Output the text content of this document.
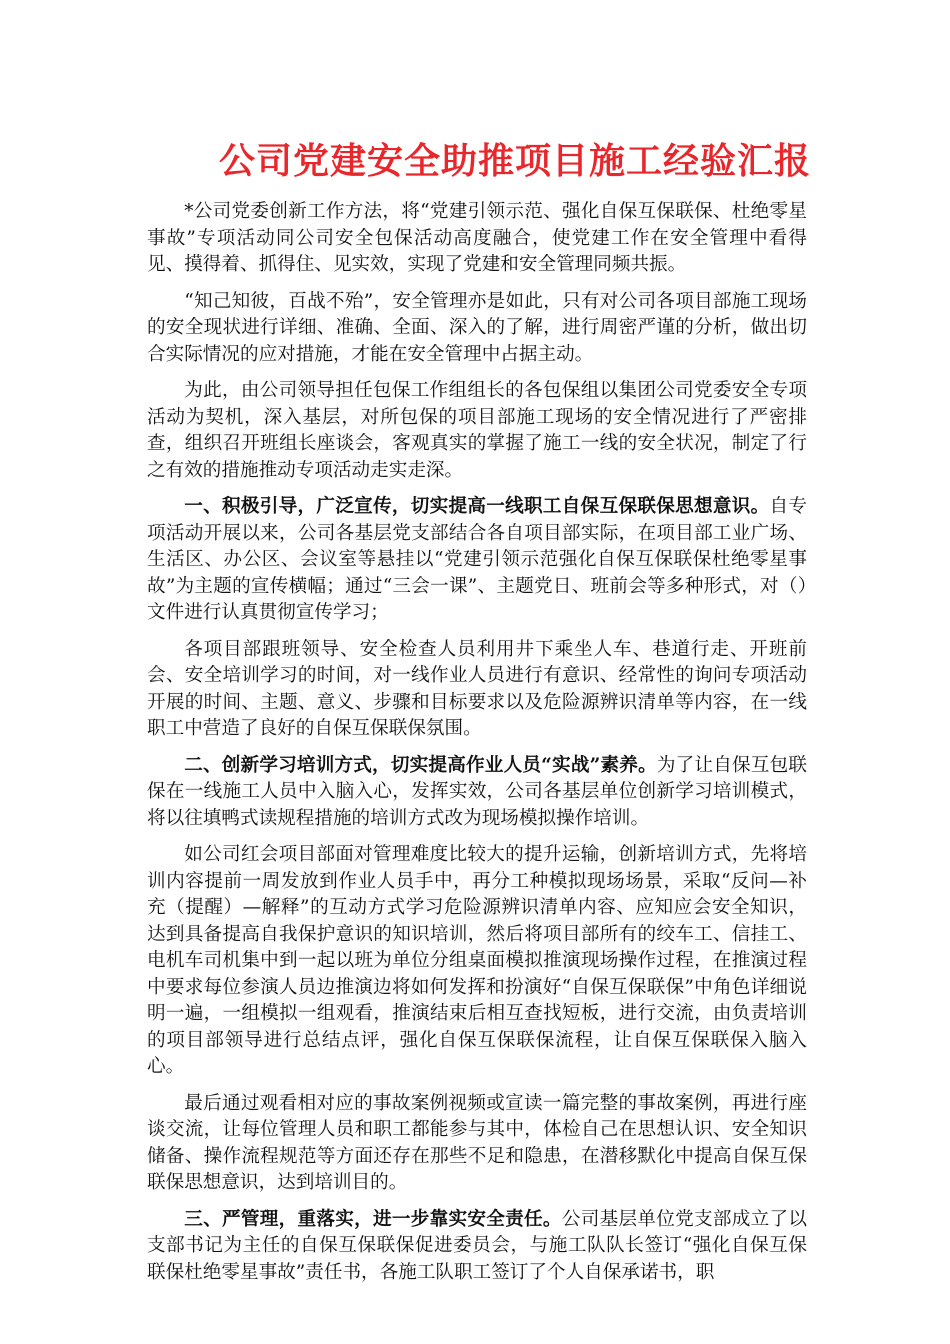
公司党建安全助推项目施工经验汇报

*公司党委创新工作方法，将“党建引领示范、强化自保互保联保、杜绝零星事故”专项活动同公司安全包保活动高度融合，使党建工作在安全管理中看得见、摸得着、抓得住、见实效，实现了党建和安全管理同频共振。

“知己知彼，百战不殆”，安全管理亦是如此，只有对公司各项目部施工现场的安全现状进行详细、准确、全面、深入的了解，进行周密严谨的分析，做出切合实际情况的应对措施，才能在安全管理中占据主动。

为此，由公司领导担任包保工作组组长的各包保组以集团公司党委安全专项活动为契机，深入基层，对所包保的项目部施工现场的安全情况进行了严密排查，组织召开班组长座谈会，客观真实的掌握了施工一线的安全状况，制定了行之有效的措施推动专项活动走实走深。

一、积极引导，广泛宣传，切实提高一线职工自保互保联保思想意识。自专项活动开展以来，公司各基层党支部结合各自项目部实际，在项目部工业广场、生活区、办公区、会议室等悬挂以“党建引领示范强化自保互保联保杜绝零星事故”为主题的宣传横幅；通过“三会一课”、主题党日、班前会等多种形式，对（）文件进行认真贯彻宣传学习；

各项目部跟班领导、安全检查人员利用井下乘坐人车、巷道行走、开班前会、安全培训学习的时间，对一线作业人员进行有意识、经常性的询问专项活动开展的时间、主题、意义、步骤和目标要求以及危险源辨识清单等内容，在一线职工中营造了良好的自保互保联保氛围。

二、创新学习培训方式，切实提高作业人员“实战”素养。为了让自保互包联保在一线施工人员中入脑入心，发挥实效，公司各基层单位创新学习培训模式，将以往填鸭式读规程措施的培训方式改为现场模拟操作培训。

如公司红会项目部面对管理难度比较大的提升运输，创新培训方式，先将培训内容提前一周发放到作业人员手中，再分工种模拟现场场景，采取“反问—补充（提醒）—解释”的互动方式学习危险源辨识清单内容、应知应会安全知识，达到具备提高自我保护意识的知识培训，然后将项目部所有的绞车工、信挂工、电机车司机集中到一起以班为单位分组桌面模拟推演现场操作过程，在推演过程中要求每位参演人员边推演边将如何发挥和扮演好“自保互保联保”中角色详细说明一遍，一组模拟一组观看，推演结束后相互查找短板，进行交流，由负责培训的项目部领导进行总结点评，强化自保互保联保流程，让自保互保联保入脑入心。

最后通过观看相对应的事故案例视频或宣读一篇完整的事故案例，再进行座谈交流，让每位管理人员和职工都能参与其中，体检自己在思想认识、安全知识储备、操作流程规范等方面还存在那些不足和隐患，在潜移默化中提高自保互保联保思想意识，达到培训目的。

三、严管理，重落实，进一步靠实安全责任。公司基层单位党支部成立了以支部书记为主任的自保互保联保促进委员会，与施工队队长签订“强化自保互保联保杜绝零星事故”责任书，各施工队职工签订了个人自保承诺书，职
